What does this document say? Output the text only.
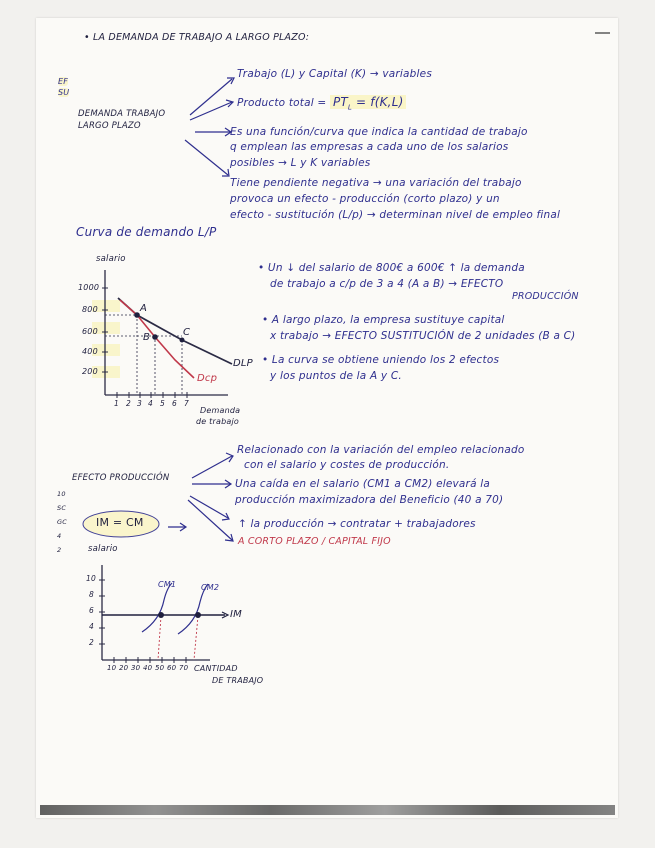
• LA DEMANDA DE TRABAJO A LARGO PLAZO:
EF
SU
DEMANDA TRABAJO
LARGO PLAZO
Trabajo (L) y Capital (K) → variables
Producto total = $PT_L = f(K,L)$
Es una función/curva que indica la cantidad de trabajo
q emplean las empresas a cada uno de los salarios
posibles → L y K variables
Tiene pendiente negativa → una variación del trabajo
provoca un efecto - producción (corto plazo) y un
efecto - sustitución (L/p) → determinan nivel de empleo final
Curva de demando L/P
salario
1000
800
600
400
200
1 2 3 4 5 6 7
Demanda
de trabajo
A
B	C
DLP
Dcp
• Un ↓ del salario de 800€ a 600€ ↑ la demanda
de trabajo a c/p de 3 a 4 (A a B) → EFECTO
PRODUCCIÓN
• A largo plazo, la empresa sustituye capital
x trabajo → EFECTO SUSTITUCIÓN de 2 unidades (B a C)
• La curva se obtiene uniendo los 2 efectos
y los puntos de la A y C.
EFECTO PRODUCCIÓN
IM = CM
Relacionado con la variación del empleo relacionado
con el salario y costes de producción.
Una caída en el salario (CM1 a CM2) elevará la
producción maximizadora del Beneficio (40 a 70)
↑ la producción → contratar + trabajadores
A CORTO PLAZO / CAPITAL FIJO
salario
10
8
6
4
2
10 20 30 40 50 60 70 CANTIDAD
DE TRABAJO
CM1	CM2
IM
10
SC
GC
4
2
